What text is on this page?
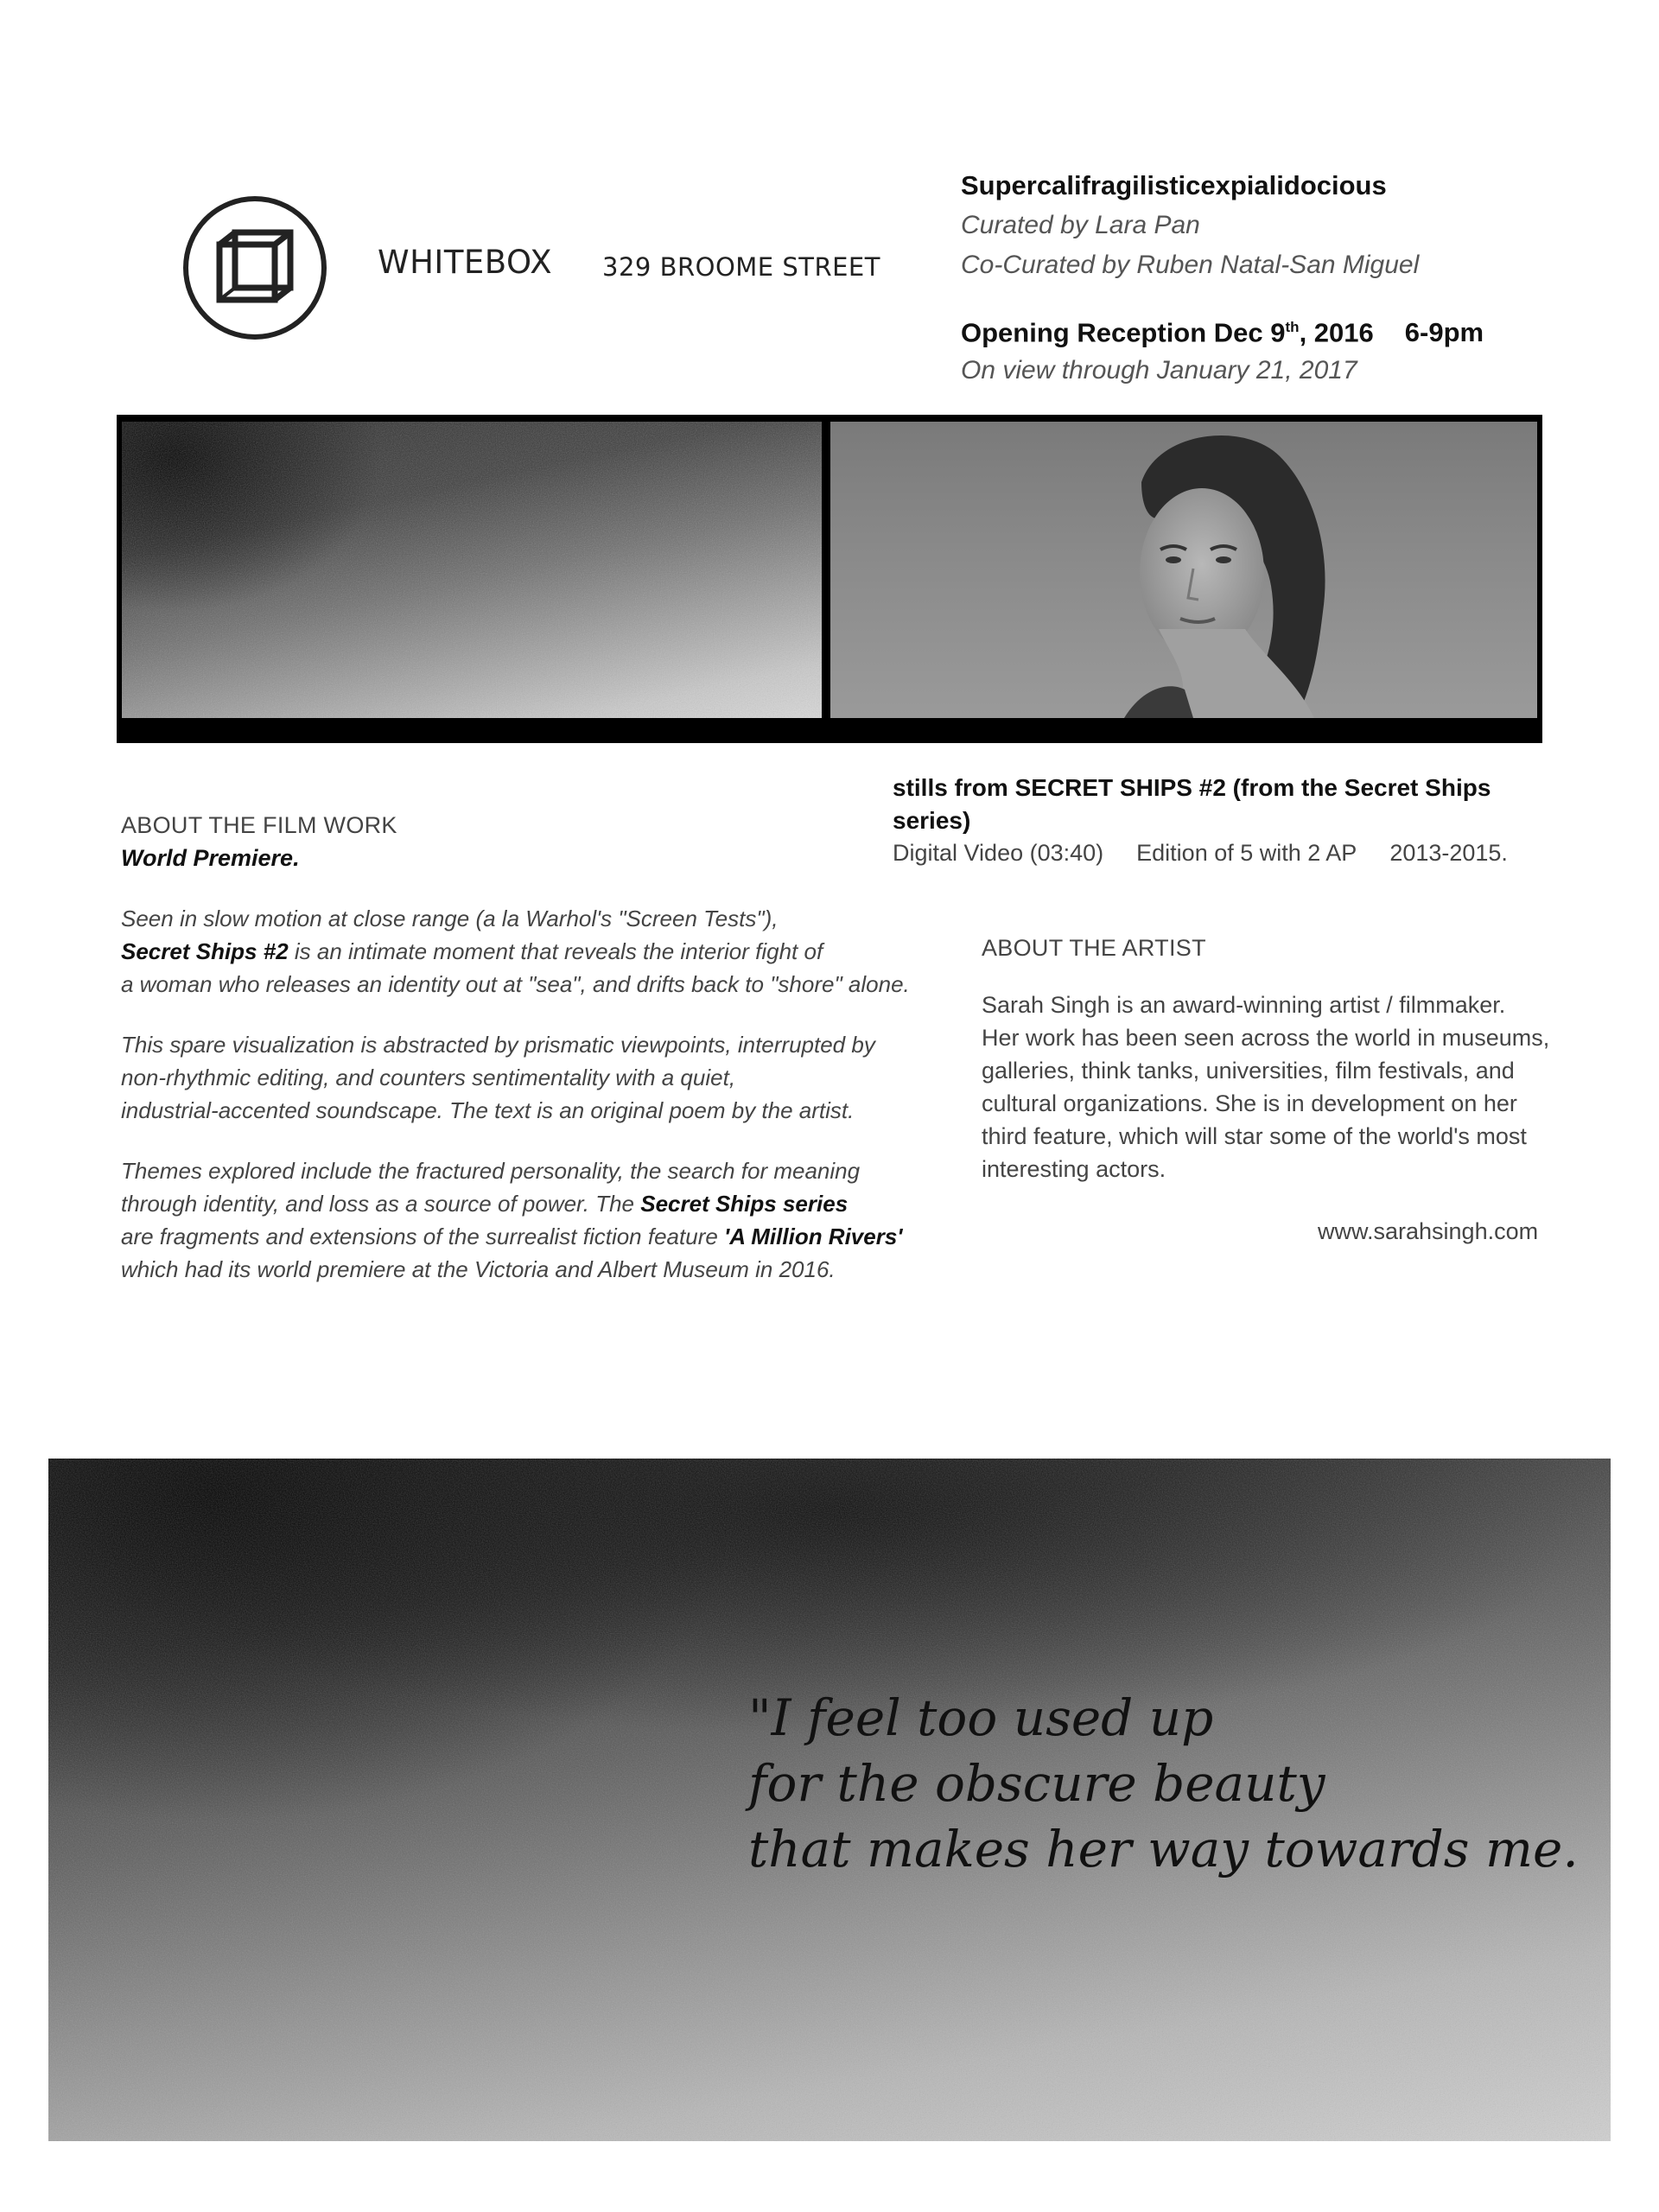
WHITEBOX 329 BROOME STREET
Supercalifragilisticexpialidocious
Curated by Lara Pan
Co-Curated by Ruben Natal-San Miguel
Opening Reception Dec 9th, 2016 6-9pm
On view through January 21, 2017
stills from SECRET SHIPS #2 (from the Secret Ships series)
Digital Video (03:40) Edition of 5 with 2 AP 2013-2015.
ABOUT THE FILM WORK
World Premiere.
Seen in slow motion at close range (a la Warhol's "Screen Tests"),
Secret Ships #2 is an intimate moment that reveals the interior fight of
a woman who releases an identity out at "sea", and drifts back to "shore" alone.
This spare visualization is abstracted by prismatic viewpoints, interrupted by
non-rhythmic editing, and counters sentimentality with a quiet,
industrial-accented soundscape. The text is an original poem by the artist.
Themes explored include the fractured personality, the search for meaning
through identity, and loss as a source of power. The Secret Ships series
are fragments and extensions of the surrealist fiction feature 'A Million Rivers'
which had its world premiere at the Victoria and Albert Museum in 2016.
ABOUT THE ARTIST
Sarah Singh is an award-winning artist / filmmaker.
Her work has been seen across the world in museums,
galleries, think tanks, universities, film festivals, and
cultural organizations. She is in development on her
third feature, which will star some of the world's most
interesting actors.
www.sarahsingh.com
"I feel too used up
for the obscure beauty
that makes her way towards me.
